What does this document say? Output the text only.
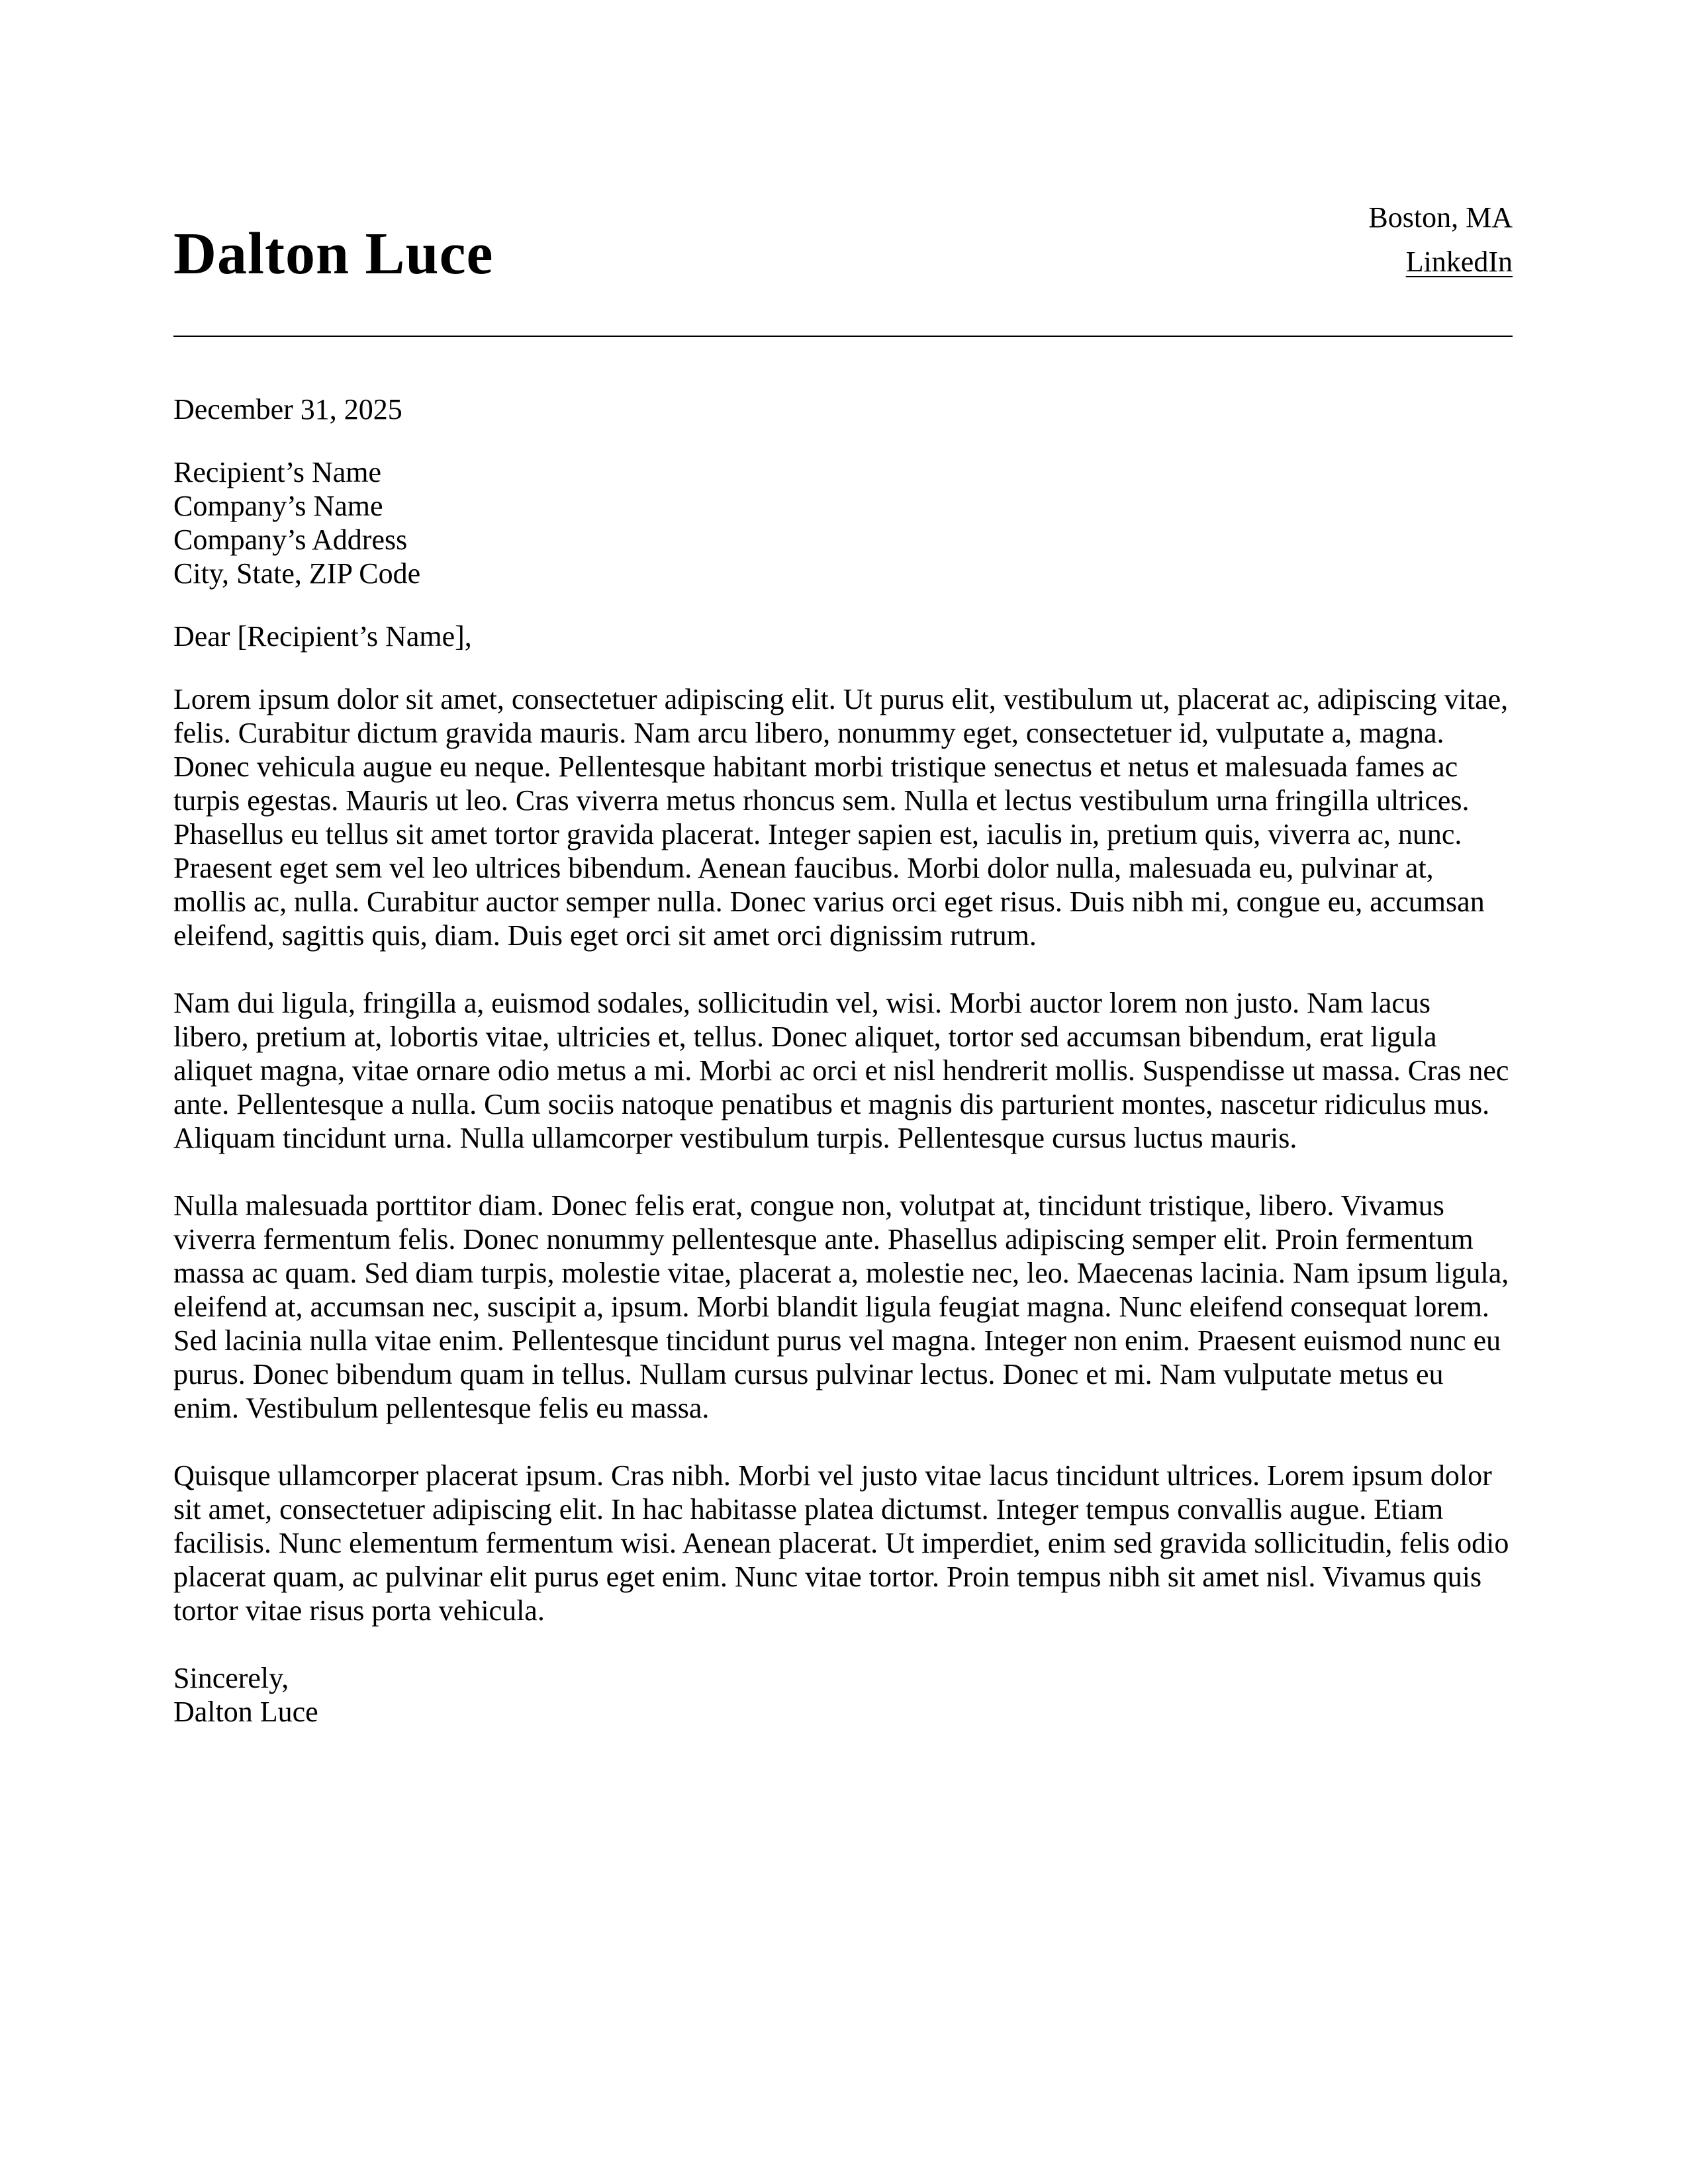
Dalton Luce
Boston, MA
LinkedIn
December 31, 2025
Recipient’s Name
Company’s Name
Company’s Address
City, State, ZIP Code
Dear [Recipient’s Name],

Lorem ipsum dolor sit amet, consectetuer adipiscing elit. Ut purus elit, vestibulum ut, placerat ac, adipiscing vitae, felis. Curabitur dictum gravida mauris. Nam arcu libero, nonummy eget, consectetuer id, vulputate a, magna. Donec vehicula augue eu neque. Pellentesque habitant morbi tristique senectus et netus et malesuada fames ac turpis egestas. Mauris ut leo. Cras viverra metus rhoncus sem. Nulla et lectus vestibulum urna fringilla ultrices. Phasellus eu tellus sit amet tortor gravida placerat. Integer sapien est, iaculis in, pretium quis, viverra ac, nunc. Praesent eget sem vel leo ultrices bibendum. Aenean faucibus. Morbi dolor nulla, malesuada eu, pulvinar at, mollis ac, nulla. Curabitur auctor semper nulla. Donec varius orci eget risus. Duis nibh mi, congue eu, accumsan eleifend, sagittis quis, diam. Duis eget orci sit amet orci dignissim rutrum.

Nam dui ligula, fringilla a, euismod sodales, sollicitudin vel, wisi. Morbi auctor lorem non justo. Nam lacus libero, pretium at, lobortis vitae, ultricies et, tellus. Donec aliquet, tortor sed accumsan bibendum, erat ligula aliquet magna, vitae ornare odio metus a mi. Morbi ac orci et nisl hendrerit mollis. Suspendisse ut massa. Cras nec ante. Pellentesque a nulla. Cum sociis natoque penatibus et magnis dis parturient montes, nascetur ridiculus mus. Aliquam tincidunt urna. Nulla ullamcorper vestibulum turpis. Pellentesque cursus luctus mauris.

Nulla malesuada porttitor diam. Donec felis erat, congue non, volutpat at, tincidunt tristique, libero. Vivamus viverra fermentum felis. Donec nonummy pellentesque ante. Phasellus adipiscing semper elit. Proin fermentum massa ac quam. Sed diam turpis, molestie vitae, placerat a, molestie nec, leo. Maecenas lacinia. Nam ipsum ligula, eleifend at, accumsan nec, suscipit a, ipsum. Morbi blandit ligula feugiat magna. Nunc eleifend consequat lorem. Sed lacinia nulla vitae enim. Pellentesque tincidunt purus vel magna. Integer non enim. Praesent euismod nunc eu purus. Donec bibendum quam in tellus. Nullam cursus pulvinar lectus. Donec et mi. Nam vulputate metus eu enim. Vestibulum pellentesque felis eu massa.

Quisque ullamcorper placerat ipsum. Cras nibh. Morbi vel justo vitae lacus tincidunt ultrices. Lorem ipsum dolor sit amet, consectetuer adipiscing elit. In hac habitasse platea dictumst. Integer tempus convallis augue. Etiam facilisis. Nunc elementum fermentum wisi. Aenean placerat. Ut imperdiet, enim sed gravida sollicitudin, felis odio placerat quam, ac pulvinar elit purus eget enim. Nunc vitae tortor. Proin tempus nibh sit amet nisl. Vivamus quis tortor vitae risus porta vehicula.

Sincerely,
Dalton Luce
